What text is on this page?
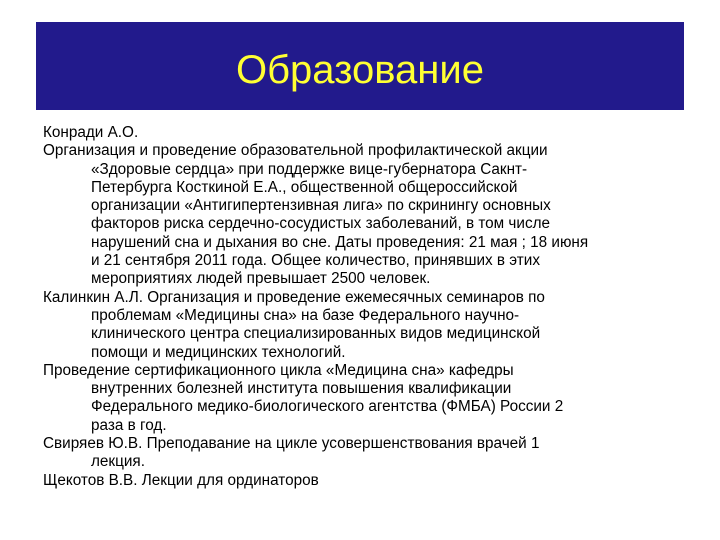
Образование

Конради А.О.

Организация и проведение образовательной профилактической акции
«Здоровые сердца» при поддержке вице-губернатора Сакнт-
Петербурга Косткиной Е.А., общественной общероссийской
организации «Антигипертензивная лига» по скринингу основных
факторов риска сердечно-сосудистых заболеваний, в том числе
нарушений сна и дыхания во сне. Даты проведения: 21 мая ; 18 июня
и 21 сентября 2011 года. Общее количество, принявших в этих
мероприятиях людей превышает 2500 человек.

Калинкин А.Л. Организация и проведение ежемесячных семинаров по
проблемам «Медицины сна» на базе Федерального научно-
клинического центра специализированных видов медицинской
помощи и медицинских технологий.

Проведение сертификационного цикла «Медицина сна» кафедры
внутренних болезней института повышения квалификации
Федерального медико-биологического агентства (ФМБА) России 2
раза в год.

Свиряев Ю.В. Преподавание на цикле усовершенствования врачей 1
лекция.

Щекотов В.В. Лекции для ординаторов
